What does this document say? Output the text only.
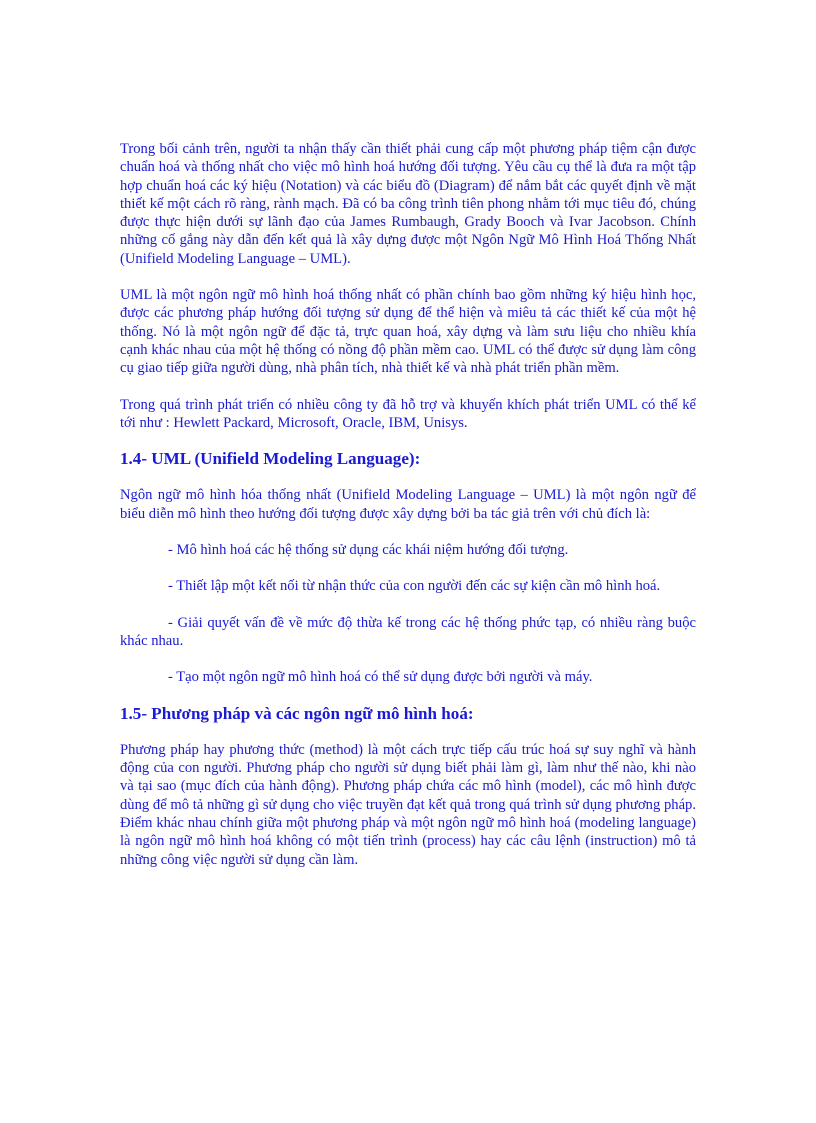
Trong bối cảnh trên, người ta nhận thấy cần thiết phải cung cấp một phương pháp tiệm cận được chuẩn hoá và thống nhất cho việc mô hình hoá hướng đối tượng. Yêu cầu cụ thể là đưa ra một tập hợp chuẩn hoá các ký hiệu (Notation) và các biểu đồ (Diagram) để nắm bắt các quyết định về mặt thiết kế một cách rõ ràng, rành mạch. Đã có ba công trình tiên phong nhằm tới mục tiêu đó, chúng được thực hiện dưới sự lãnh đạo của James Rumbaugh, Grady Booch và Ivar Jacobson. Chính những cố gắng này dẫn đến kết quả là xây dựng được một Ngôn Ngữ Mô Hình Hoá Thống Nhất (Unifield Modeling Language – UML).

UML là một ngôn ngữ mô hình hoá thống nhất có phần chính bao gồm những ký hiệu hình học, được các phương pháp hướng đối tượng sử dụng để thể hiện và miêu tả các thiết kế của một hệ thống. Nó là một ngôn ngữ để đặc tả, trực quan hoá, xây dựng và làm sưu liệu cho nhiều khía cạnh khác nhau của một hệ thống có nồng độ phần mềm cao. UML có thể được sử dụng làm công cụ giao tiếp giữa người dùng, nhà phân tích, nhà thiết kế và nhà phát triển phần mềm.

Trong quá trình phát triển có nhiều công ty đã hỗ trợ và khuyến khích phát triển UML có thể kể tới như : Hewlett Packard, Microsoft, Oracle, IBM, Unisys.

1.4- UML (Unifield Modeling Language):

Ngôn ngữ mô hình hóa thống nhất (Unifield Modeling Language – UML) là một ngôn ngữ để biểu diễn mô hình theo hướng đối tượng được xây dựng bởi ba tác giả trên với chủ đích là:

- Mô hình hoá các hệ thống sử dụng các khái niệm hướng đối tượng.

- Thiết lập một kết nối từ nhận thức của con người đến các sự kiện cần mô hình hoá.

- Giải quyết vấn đề về mức độ thừa kế trong các hệ thống phức tạp, có nhiều ràng buộc khác nhau.

- Tạo một ngôn ngữ mô hình hoá có thể sử dụng được bởi người và máy.

1.5- Phương pháp và các ngôn ngữ mô hình hoá:

Phương pháp hay phương thức (method) là một cách trực tiếp cấu trúc hoá sự suy nghĩ và hành động của con người. Phương pháp cho người sử dụng biết phải làm gì, làm như thế nào, khi nào và tại sao (mục đích của hành động). Phương pháp chứa các mô hình (model), các mô hình được dùng để mô tả những gì sử dụng cho việc truyền đạt kết quả trong quá trình sử dụng phương pháp. Điểm khác nhau chính giữa một phương pháp và một ngôn ngữ mô hình hoá (modeling language) là ngôn ngữ mô hình hoá không có một tiến trình (process) hay các câu lệnh (instruction) mô tả những công việc người sử dụng cần làm.
